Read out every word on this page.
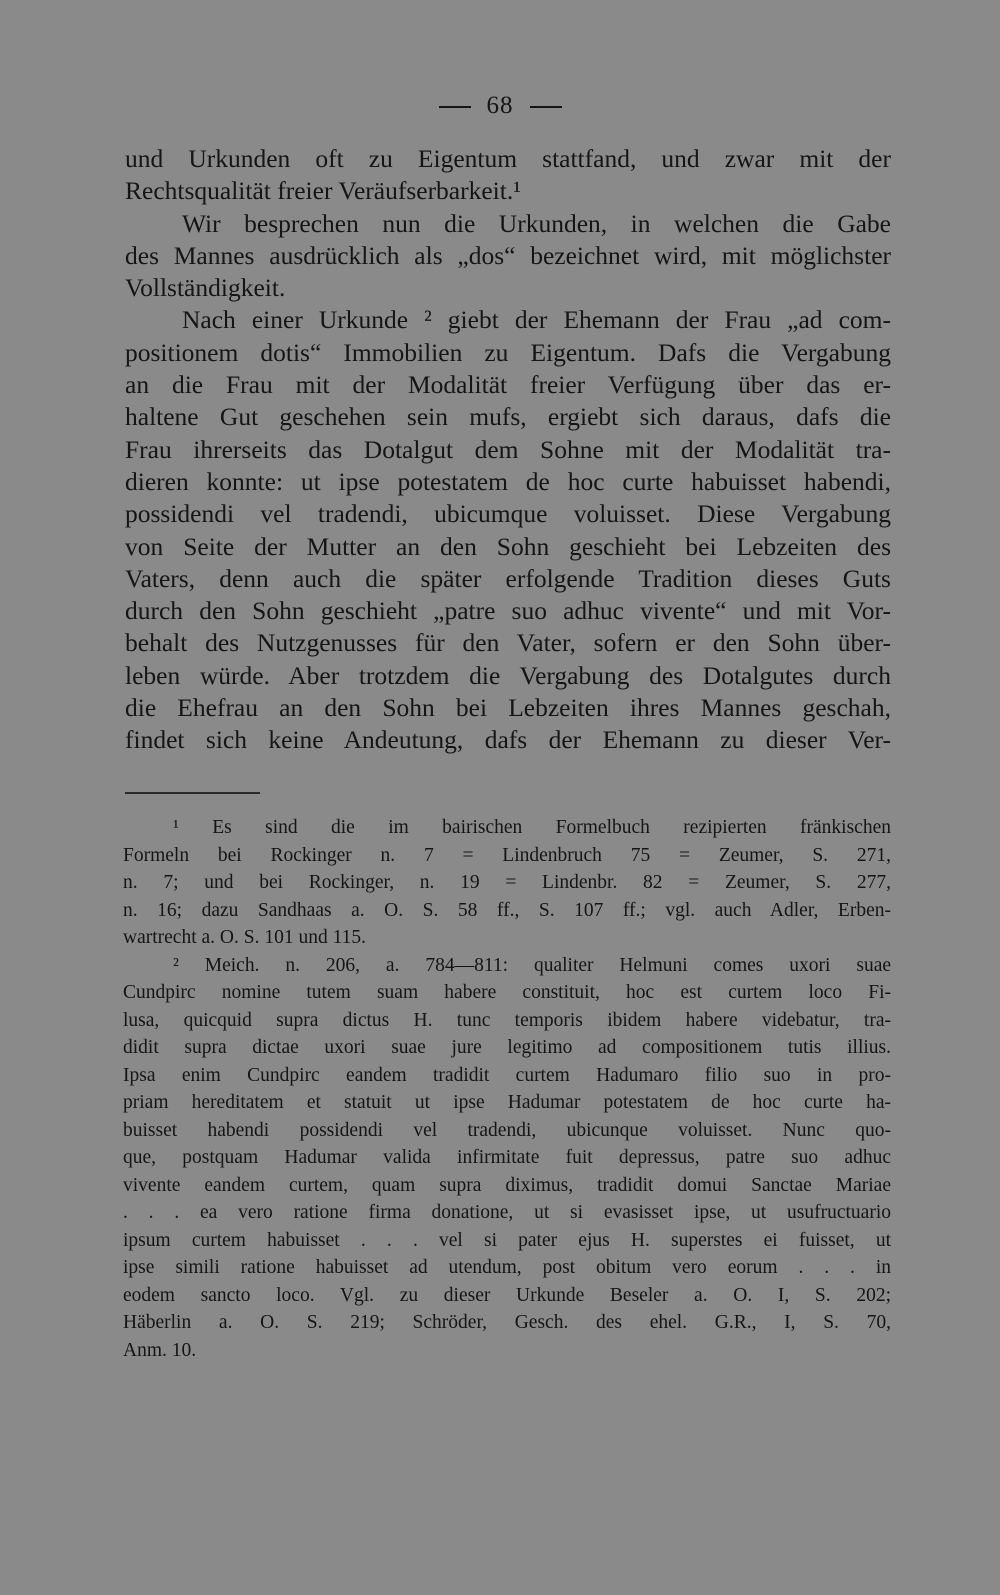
68
und Urkunden oft zu Eigentum stattfand, und zwar mit der
Rechtsqualität freier Veräufserbarkeit.¹
Wir besprechen nun die Urkunden, in welchen die Gabe
des Mannes ausdrücklich als „dos“ bezeichnet wird, mit möglichster
Vollständigkeit.
Nach einer Urkunde ² giebt der Ehemann der Frau „ad com-
positionem dotis“ Immobilien zu Eigentum. Dafs die Vergabung
an die Frau mit der Modalität freier Verfügung über das er-
haltene Gut geschehen sein mufs, ergiebt sich daraus, dafs die
Frau ihrerseits das Dotalgut dem Sohne mit der Modalität tra-
dieren konnte: ut ipse potestatem de hoc curte habuisset habendi,
possidendi vel tradendi, ubicumque voluisset. Diese Vergabung
von Seite der Mutter an den Sohn geschieht bei Lebzeiten des
Vaters, denn auch die später erfolgende Tradition dieses Guts
durch den Sohn geschieht „patre suo adhuc vivente“ und mit Vor-
behalt des Nutzgenusses für den Vater, sofern er den Sohn über-
leben würde. Aber trotzdem die Vergabung des Dotalgutes durch
die Ehefrau an den Sohn bei Lebzeiten ihres Mannes geschah,
findet sich keine Andeutung, dafs der Ehemann zu dieser Ver-
¹ Es sind die im bairischen Formelbuch rezipierten fränkischen
Formeln bei Rockinger n. 7 = Lindenbruch 75 = Zeumer, S. 271,
n. 7; und bei Rockinger, n. 19 = Lindenbr. 82 = Zeumer, S. 277,
n. 16; dazu Sandhaas a. O. S. 58 ff., S. 107 ff.; vgl. auch Adler, Erben-
wartrecht a. O. S. 101 und 115.
² Meich. n. 206, a. 784—811: qualiter Helmuni comes uxori suae
Cundpirc nomine tutem suam habere constituit, hoc est curtem loco Fi-
lusa, quicquid supra dictus H. tunc temporis ibidem habere videbatur, tra-
didit supra dictae uxori suae jure legitimo ad compositionem tutis illius.
Ipsa enim Cundpirc eandem tradidit curtem Hadumaro filio suo in pro-
priam hereditatem et statuit ut ipse Hadumar potestatem de hoc curte ha-
buisset habendi possidendi vel tradendi, ubicunque voluisset. Nunc quo-
que, postquam Hadumar valida infirmitate fuit depressus, patre suo adhuc
vivente eandem curtem, quam supra diximus, tradidit domui Sanctae Mariae
. . . ea vero ratione firma donatione, ut si evasisset ipse, ut usufructuario
ipsum curtem habuisset . . . vel si pater ejus H. superstes ei fuisset, ut
ipse simili ratione habuisset ad utendum, post obitum vero eorum . . . in
eodem sancto loco. Vgl. zu dieser Urkunde Beseler a. O. I, S. 202;
Häberlin a. O. S. 219; Schröder, Gesch. des ehel. G.R., I, S. 70,
Anm. 10.
